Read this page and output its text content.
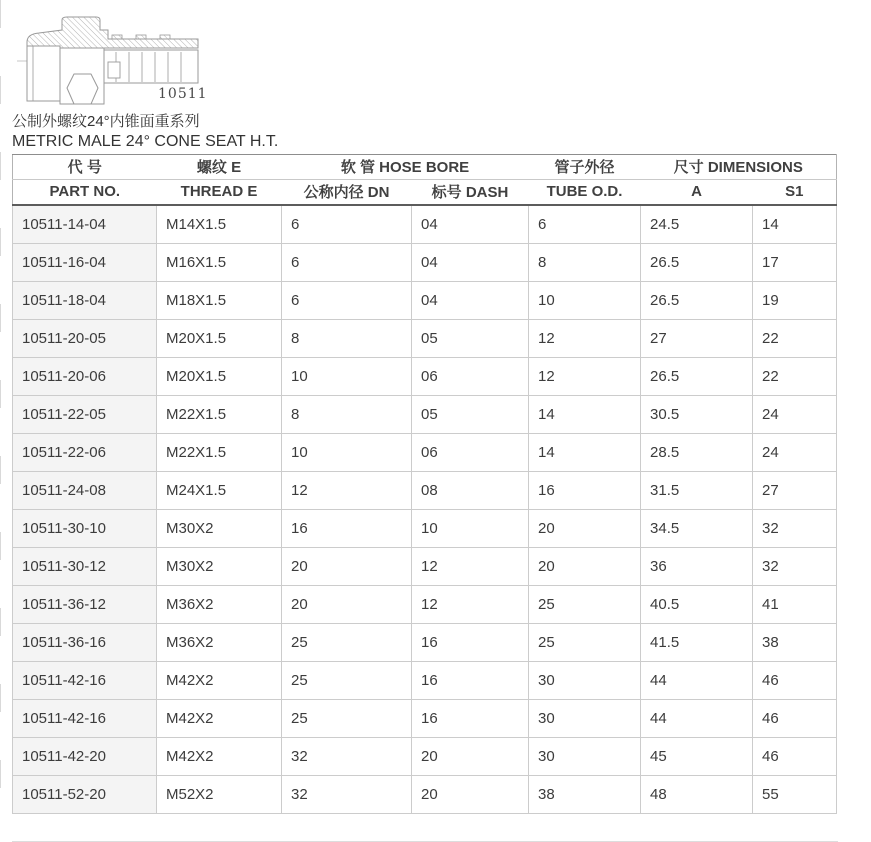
10511
公制外螺纹24°内锥面重系列
METRIC MALE 24° CONE SEAT H.T.
代 号	螺纹 E	软 管 HOSE BORE		管子外径	尺寸 DIMENSIONS	
PART NO.	THREAD E	公称内径 DN	标号 DASH	TUBE O.D.	A	S1
10511-14-04	M14X1.5	6	04	6	24.5	14
10511-16-04	M16X1.5	6	04	8	26.5	17
10511-18-04	M18X1.5	6	04	10	26.5	19
10511-20-05	M20X1.5	8	05	12	27	22
10511-20-06	M20X1.5	10	06	12	26.5	22
10511-22-05	M22X1.5	8	05	14	30.5	24
10511-22-06	M22X1.5	10	06	14	28.5	24
10511-24-08	M24X1.5	12	08	16	31.5	27
10511-30-10	M30X2	16	10	20	34.5	32
10511-30-12	M30X2	20	12	20	36	32
10511-36-12	M36X2	20	12	25	40.5	41
10511-36-16	M36X2	25	16	25	41.5	38
10511-42-16	M42X2	25	16	30	44	46
10511-42-16	M42X2	25	16	30	44	46
10511-42-20	M42X2	32	20	30	45	46
10511-52-20	M52X2	32	20	38	48	55
